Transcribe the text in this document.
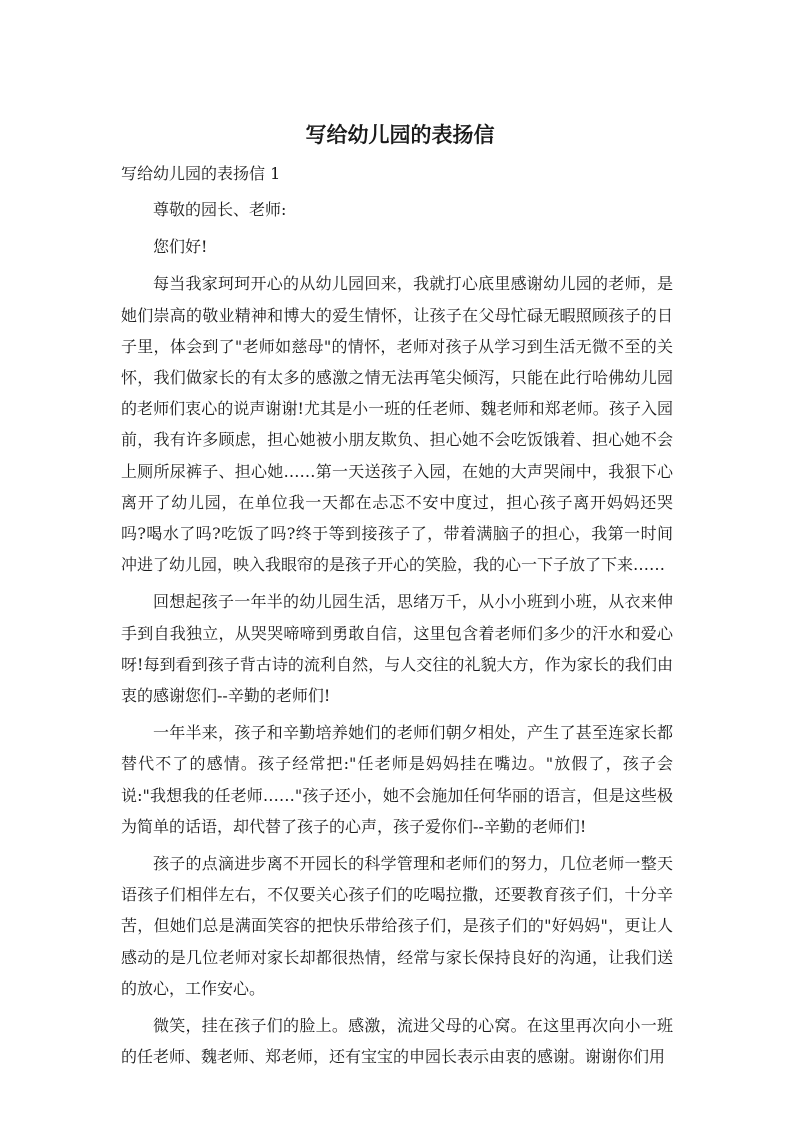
写给幼儿园的表扬信
写给幼儿园的表扬信 1

尊敬的园长、老师:

您们好!

每当我家珂珂开心的从幼儿园回来，我就打心底里感谢幼儿园的老师，是她们崇高的敬业精神和博大的爱生情怀，让孩子在父母忙碌无暇照顾孩子的日子里，体会到了"老师如慈母"的情怀，老师对孩子从学习到生活无微不至的关怀，我们做家长的有太多的感激之情无法再笔尖倾泻，只能在此行哈佛幼儿园的老师们衷心的说声谢谢!尤其是小一班的任老师、魏老师和郑老师。孩子入园前，我有许多顾虑，担心她被小朋友欺负、担心她不会吃饭饿着、担心她不会上厕所尿裤子、担心她……第一天送孩子入园，在她的大声哭闹中，我狠下心离开了幼儿园，在单位我一天都在忐忑不安中度过，担心孩子离开妈妈还哭吗?喝水了吗?吃饭了吗?终于等到接孩子了，带着满脑子的担心，我第一时间冲进了幼儿园，映入我眼帘的是孩子开心的笑脸，我的心一下子放了下来……

回想起孩子一年半的幼儿园生活，思绪万千，从小小班到小班，从衣来伸手到自我独立，从哭哭啼啼到勇敢自信，这里包含着老师们多少的汗水和爱心呀!每到看到孩子背古诗的流利自然，与人交往的礼貌大方，作为家长的我们由衷的感谢您们--辛勤的老师们!

一年半来，孩子和辛勤培养她们的老师们朝夕相处，产生了甚至连家长都替代不了的感情。孩子经常把:"任老师是妈妈挂在嘴边。"放假了，孩子会说:"我想我的任老师……"孩子还小，她不会施加任何华丽的语言，但是这些极为简单的话语，却代替了孩子的心声，孩子爱你们--辛勤的老师们!

孩子的点滴进步离不开园长的科学管理和老师们的努力，几位老师一整天语孩子们相伴左右，不仅要关心孩子们的吃喝拉撒，还要教育孩子们，十分辛苦，但她们总是满面笑容的把快乐带给孩子们，是孩子们的"好妈妈"，更让人感动的是几位老师对家长却都很热情，经常与家长保持良好的沟通，让我们送的放心，工作安心。

微笑，挂在孩子们的脸上。感激，流进父母的心窝。在这里再次向小一班的任老师、魏老师、郑老师，还有宝宝的申园长表示由衷的感谢。谢谢你们用
